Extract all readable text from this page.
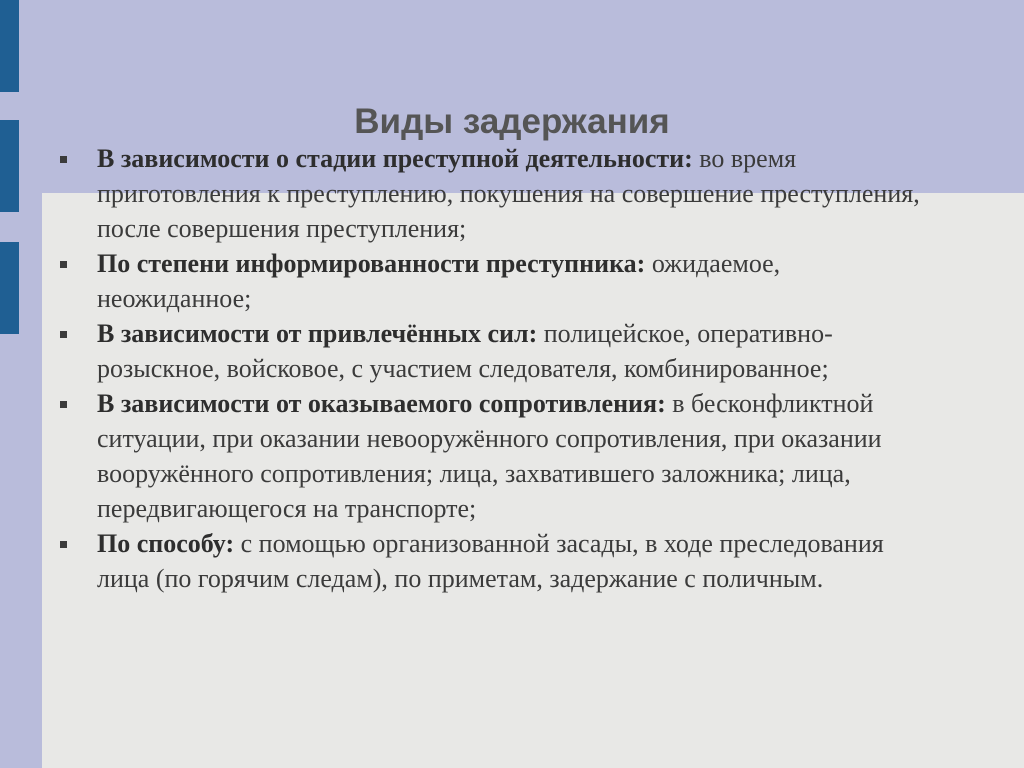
Виды задержания
В зависимости о стадии преступной деятельности: во время приготовления к преступлению, покушения на совершение преступления, после совершения преступления;
По степени информированности преступника: ожидаемое, неожиданное;
В зависимости от привлечённых сил: полицейское, оперативно-розыскное, войсковое, с участием следователя, комбинированное;
В зависимости от оказываемого сопротивления: в бесконфликтной ситуации, при оказании невооружённого сопротивления, при оказании вооружённого сопротивления; лица, захватившего заложника; лица, передвигающегося на транспорте;
По способу: с помощью организованной засады, в ходе преследования лица (по горячим следам), по приметам, задержание с поличным.
